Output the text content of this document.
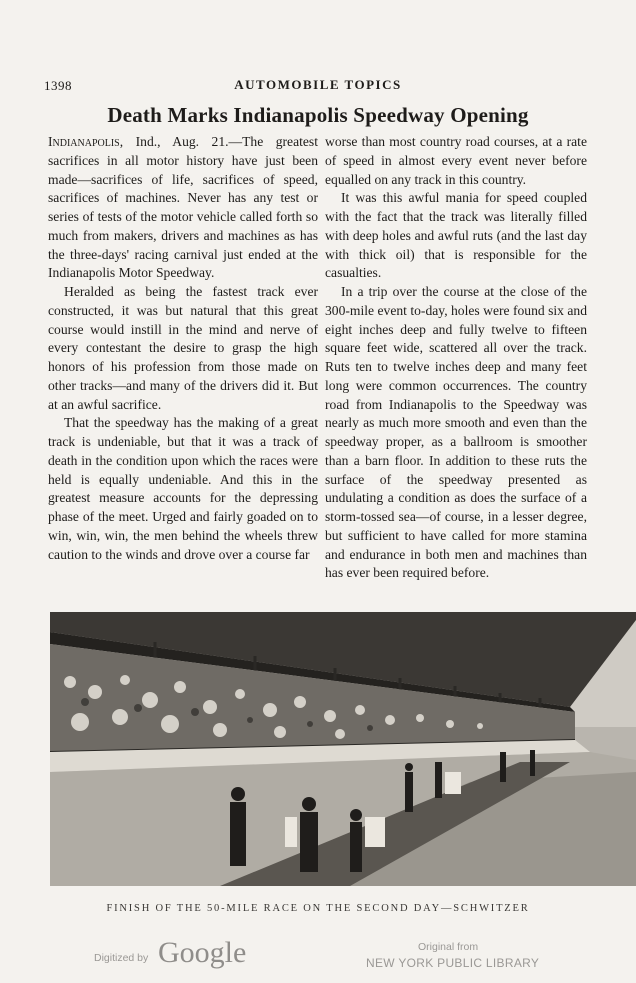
1398	AUTOMOBILE TOPICS
Death Marks Indianapolis Speedway Opening

Indianapolis, Ind., Aug. 21.—The greatest sacrifices in all motor history have just been made—sacrifices of life, sacrifices of speed, sacrifices of machines. Never has any test or series of tests of the motor vehicle called forth so much from makers, drivers and machines as has the three-days' racing carnival just ended at the Indianapolis Motor Speedway.

Heralded as being the fastest track ever constructed, it was but natural that this great course would instill in the mind and nerve of every contestant the desire to grasp the high honors of his profession from those made on other tracks—and many of the drivers did it. But at an awful sacrifice.

That the speedway has the making of a great track is undeniable, but that it was a track of death in the condition upon which the races were held is equally undeniable. And this in the greatest measure accounts for the depressing phase of the meet. Urged and fairly goaded on to win, win, win, the men behind the wheels threw caution to the winds and drove over a course far

worse than most country road courses, at a rate of speed in almost every event never before equalled on any track in this country.

It was this awful mania for speed coupled with the fact that the track was literally filled with deep holes and awful ruts (and the last day with thick oil) that is responsible for the casualties.

In a trip over the course at the close of the 300-mile event to-day, holes were found six and eight inches deep and fully twelve to fifteen square feet wide, scattered all over the track. Ruts ten to twelve inches deep and many feet long were common occurrences. The country road from Indianapolis to the Speedway was nearly as much more smooth and even than the speedway proper, as a ballroom is smoother than a barn floor. In addition to these ruts the surface of the speedway presented as undulating a condition as does the surface of a storm-tossed sea—of course, in a lesser degree, but sufficient to have called for more stamina and endurance in both men and machines than has ever been required before.

FINISH OF THE 50-MILE RACE ON THE SECOND DAY—SCHWITZER
Digitized by Google	Original from
NEW YORK PUBLIC LIBRARY
